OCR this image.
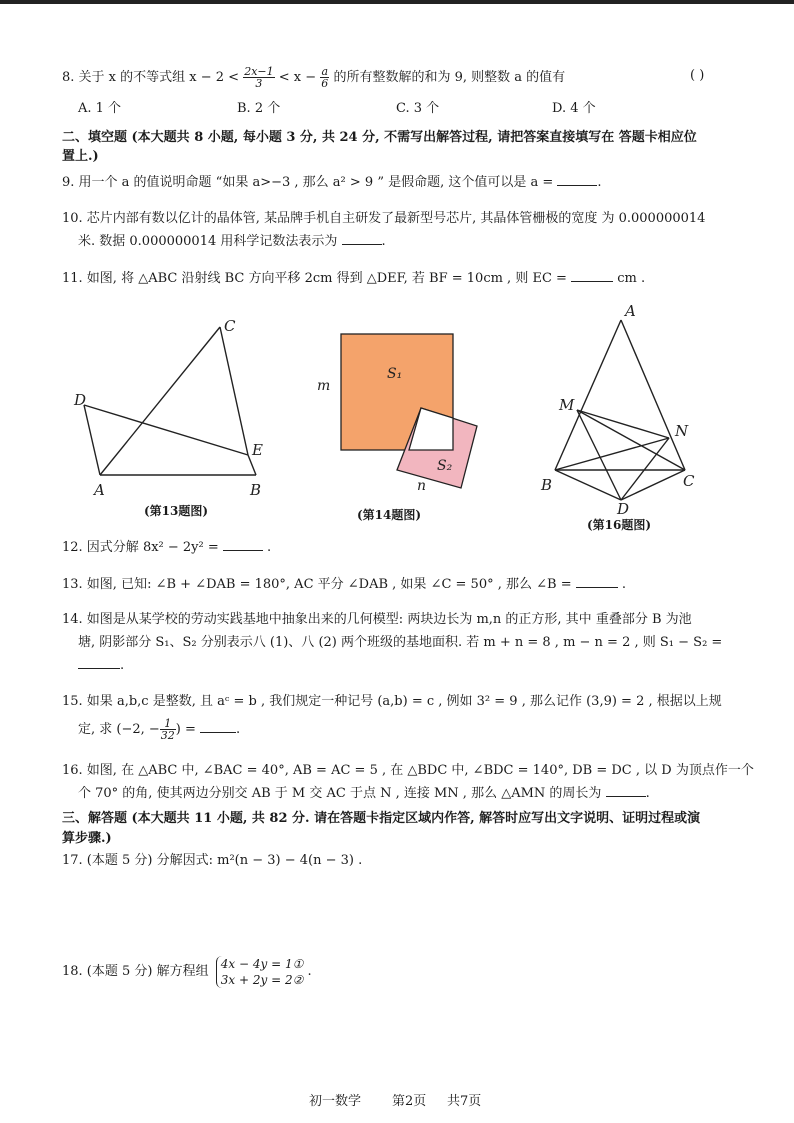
8. 关于 x 的不等式组 $x - 2 < \frac{2x-1}{3} < x - \frac{a}{6}$ 的所有整数解的和为 9, 则整数 a 的值有	( )
A. 1 个	B. 2 个	C. 3 个	D. 4 个
二、填空题 (本大题共 8 小题, 每小题 3 分, 共 24 分, 不需写出解答过程, 请把答案直接填写在 答题卡相应位
置上.)
9. 用一个 a 的值说明命题 “如果 a>−3 , 那么 a² > 9 ” 是假命题, 这个值可以是 a =	.
10. 芯片内部有数以亿计的晶体管, 某品牌手机自主研发了最新型号芯片, 其晶体管栅极的宽度 为 0.000000014
米. 数据 0.000000014 用科学记数法表示为	.
11. 如图, 将 △ABC 沿射线 BC 方向平移 2cm 得到 △DEF, 若 BF = 10cm , 则 EC =	cm .
C
D
E
A	B
(第13题图)
m
S₁
S₂
n
(第14题图)
A
M
N
B	C
D
(第16题图)
12. 因式分解 8x² − 2y² =	.
13. 如图, 已知: ∠B + ∠DAB = 180°, AC 平分 ∠DAB , 如果 ∠C = 50° , 那么 ∠B =	.
14. 如图是从某学校的劳动实践基地中抽象出来的几何模型: 两块边长为 m,n 的正方形, 其中 重叠部分 B 为池
塘, 阴影部分 S₁、S₂ 分别表示八 (1)、八 (2) 两个班级的基地面积. 若 m + n = 8 , m − n = 2 , 则 S₁ − S₂ =
.
15. 如果 a,b,c 是整数, 且 aᶜ = b , 我们规定一种记号 (a,b) = c , 例如 3² = 9 , 那么记作 (3,9) = 2 , 根据以上规
定, 求 (−2, − $\frac{1}{32}$ ) =	.
16. 如图, 在 △ABC 中, ∠BAC = 40°, AB = AC = 5 , 在 △BDC 中, ∠BDC = 140°, DB = DC , 以 D 为顶点作一个
个 70° 的角, 使其两边分别交 AB 于 M 交 AC 于点 N , 连接 MN , 那么 △AMN 的周长为	.
三、解答题 (本大题共 11 小题, 共 82 分. 请在答题卡指定区域内作答, 解答时应写出文字说明、证明过程或演
算步骤.)
17. (本题 5 分) 分解因式: m²(n − 3) − 4(n − 3) .
18. (本题 5 分) 解方程组
4x − 4y = 1①
3x + 2y = 2②
.
初一数学 第2页 共7页
